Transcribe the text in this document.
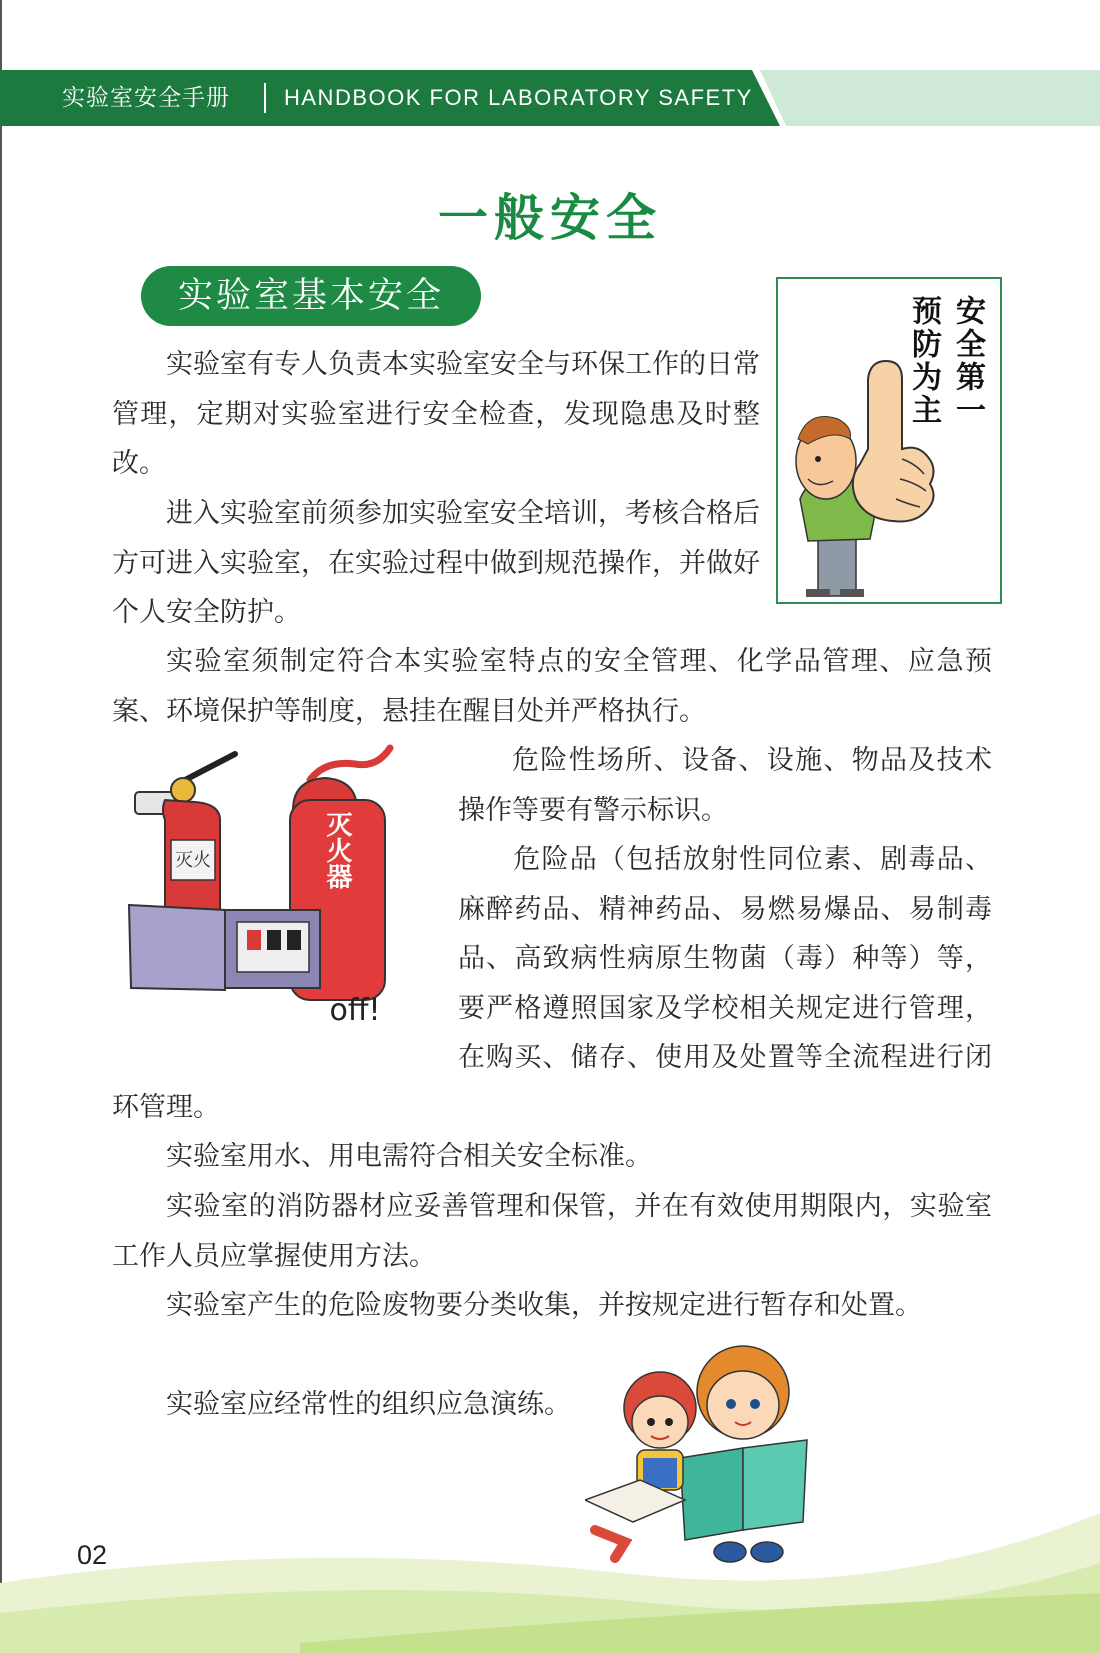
实验室安全手册 HANDBOOK FOR LABORATORY SAFETY
一般安全
实验室基本安全	安全第一
预防为主

实验室有专人负责本实验室安全与环保工作的日常管理，定期对实验室进行安全检查，发现隐患及时整改。

进入实验室前须参加实验室安全培训，考核合格后方可进入实验室，在实验过程中做到规范操作，并做好个人安全防护。

实验室须制定符合本实验室特点的安全管理、化学品管理、应急预案、环境保护等制度，悬挂在醒目处并严格执行。

灭火	灭火器
off!

危险性场所、设备、设施、物品及技术操作等要有警示标识。

危险品（包括放射性同位素、剧毒品、麻醉药品、精神药品、易燃易爆品、易制毒品、高致病性病原生物菌（毒）种等）等，要严格遵照国家及学校相关规定进行管理，在购买、储存、使用及处置等全流程进行闭环管理。

实验室用水、用电需符合相关安全标准。

实验室的消防器材应妥善管理和保管，并在有效使用期限内，实验室工作人员应掌握使用方法。

实验室产生的危险废物要分类收集，并按规定进行暂存和处置。

实验室应经常性的组织应急演练。

02
